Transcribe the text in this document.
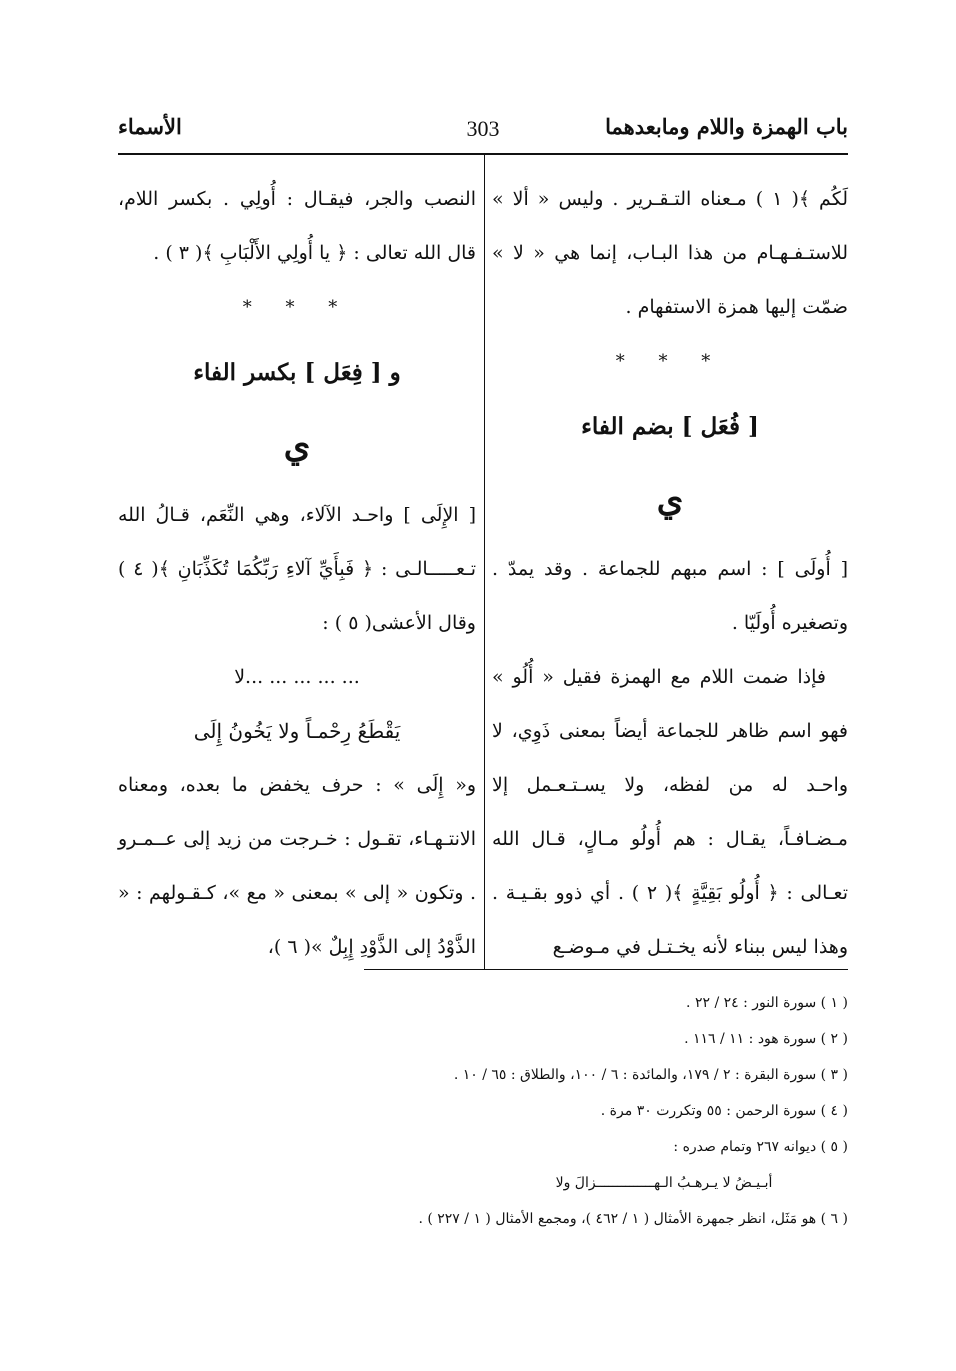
باب الهمزة واللام ومابعدهما
303
الأسماء

لَكُم ﴾( ١ ) مـعناه التـقـرير . وليس « ألا » للاستـفـهـام من هذا البـاب، إنما هي « لا » ضمّت إليها همزة الاستفهام .

* * *
[ فُعَل ] بضم الفاء
ي

[ أُولَى ] : اسم مبهم للجماعة . وقد يمدّ . وتصغيره أُولَيّا .

فإذا ضمت اللام مع الهمزة فقيل « أُلُو » فهو اسم ظاهر للجماعة أيضاً بمعنى ذَوِي، لا واحـد له من لفظه، ولا يسـتـعـمل إلا مـضـافـاً، يقـال : هم أُولُو مـالٍ، قـال الله تعـالى : ﴿ أُولُو بَقِيَّةٍ ﴾( ٢ ) . أي ذوو بقـيـة . وهذا ليس ببناء لأنه يخـتـل في مـوضـع

النصب والجر، فيقـال : أُولِي . بكسر اللام، قال الله تعالى : ﴿ يا أُولِي الأَلْبَابِ ﴾( ٣ ) .

* * *
و [ فِعَل ] بكسر الفاء
ي

[ الإِلَى ] واحـد الآلاء، وهي النِّعَم، قـالُ الله تـعـــــالـى : ﴿ فَبِأَيِّ آلاءِ رَبِّكُمَا تُكَذِّبَانِ ﴾( ٤ ) وقال الأعشى( ٥ ) :

... ... ... ... ...لا
يَقْطَعُ رِحْمـاً ولا يَخُونُ إِلَى

و« إِلَى » : حرف يخفض ما بعده، ومعناه الانتـهـاء، تقـول : خـرجت من زيد إلى عــمـرو . وتكون « إلى » بمعنى « مع »، كـقـولهم : « الذَّوْدُ إلى الذَّوْدِ إِبِلٌ »( ٦ )،

( ١ ) سورة النور : ٢٤ / ٢٢ .
( ٢ ) سورة هود : ١١ / ١١٦ .
( ٣ ) سورة البقرة : ٢ / ١٧٩، والمائدة : ٦ / ١٠٠، والطلاق : ٦٥ / ١٠ .
( ٤ ) سورة الرحمن : ٥٥ وتكررت ٣٠ مرة .
( ٥ ) ديوانه ٢٦٧ وتمام صدره :
أبـيـضُ لا يـرهـبُ الـهــــــــــــــزالَ ولا
( ٦ ) هو مَثَل، انظر جمهرة الأمثال ( ١ / ٤٦٢ )، ومجمع الأمثال ( ١ / ٢٢٧ ) .
